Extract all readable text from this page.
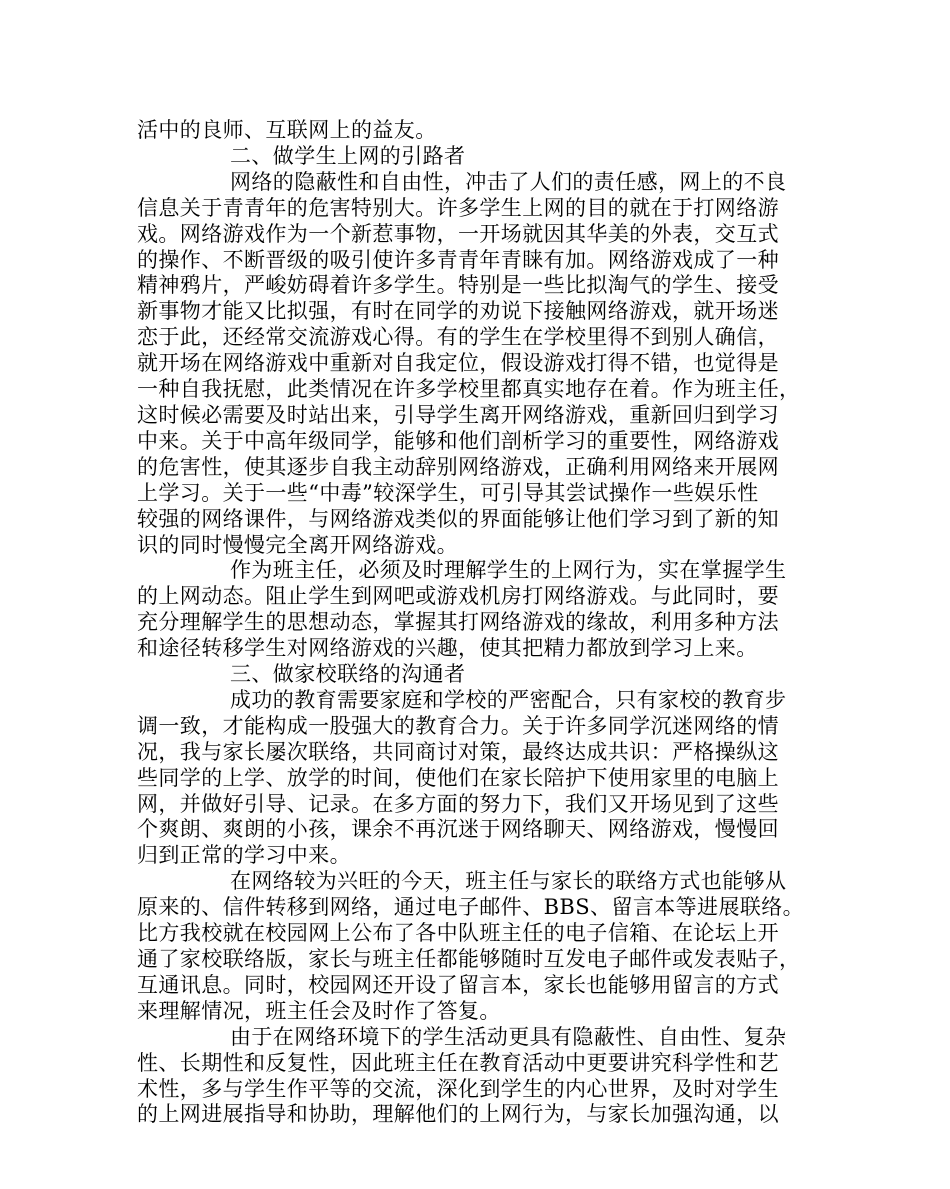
活中的良师、互联网上的益友。
二、做学生上网的引路者
网络的隐蔽性和自由性，冲击了人们的责任感，网上的不良
信息关于青青年的危害特别大。许多学生上网的目的就在于打网络游
戏。网络游戏作为一个新惹事物，一开场就因其华美的外表，交互式
的操作、不断晋级的吸引使许多青青年青睐有加。网络游戏成了一种
精神鸦片，严峻妨碍着许多学生。特别是一些比拟淘气的学生、接受
新事物才能又比拟强，有时在同学的劝说下接触网络游戏，就开场迷
恋于此，还经常交流游戏心得。有的学生在学校里得不到别人确信，
就开场在网络游戏中重新对自我定位，假设游戏打得不错，也觉得是
一种自我抚慰，此类情况在许多学校里都真实地存在着。作为班主任，
这时候必需要及时站出来，引导学生离开网络游戏，重新回归到学习
中来。关于中高年级同学，能够和他们剖析学习的重要性，网络游戏
的危害性，使其逐步自我主动辞别网络游戏，正确利用网络来开展网
上学习。关于一些“中毒”较深学生，可引导其尝试操作一些娱乐性
较强的网络课件，与网络游戏类似的界面能够让他们学习到了新的知
识的同时慢慢完全离开网络游戏。
作为班主任，必须及时理解学生的上网行为，实在掌握学生
的上网动态。阻止学生到网吧或游戏机房打网络游戏。与此同时，要
充分理解学生的思想动态，掌握其打网络游戏的缘故，利用多种方法
和途径转移学生对网络游戏的兴趣，使其把精力都放到学习上来。
三、做家校联络的沟通者
成功的教育需要家庭和学校的严密配合，只有家校的教育步
调一致，才能构成一股强大的教育合力。关于许多同学沉迷网络的情
况，我与家长屡次联络，共同商讨对策，最终达成共识：严格操纵这
些同学的上学、放学的时间，使他们在家长陪护下使用家里的电脑上
网，并做好引导、记录。在多方面的努力下，我们又开场见到了这些
个爽朗、爽朗的小孩，课余不再沉迷于网络聊天、网络游戏，慢慢回
归到正常的学习中来。
在网络较为兴旺的今天，班主任与家长的联络方式也能够从
原来的、信件转移到网络，通过电子邮件、BBS、留言本等进展联络。
比方我校就在校园网上公布了各中队班主任的电子信箱、在论坛上开
通了家校联络版，家长与班主任都能够随时互发电子邮件或发表贴子，
互通讯息。同时，校园网还开设了留言本，家长也能够用留言的方式
来理解情况，班主任会及时作了答复。
由于在网络环境下的学生活动更具有隐蔽性、自由性、复杂
性、长期性和反复性，因此班主任在教育活动中更要讲究科学性和艺
术性，多与学生作平等的交流，深化到学生的内心世界，及时对学生
的上网进展指导和协助，理解他们的上网行为，与家长加强沟通，以
